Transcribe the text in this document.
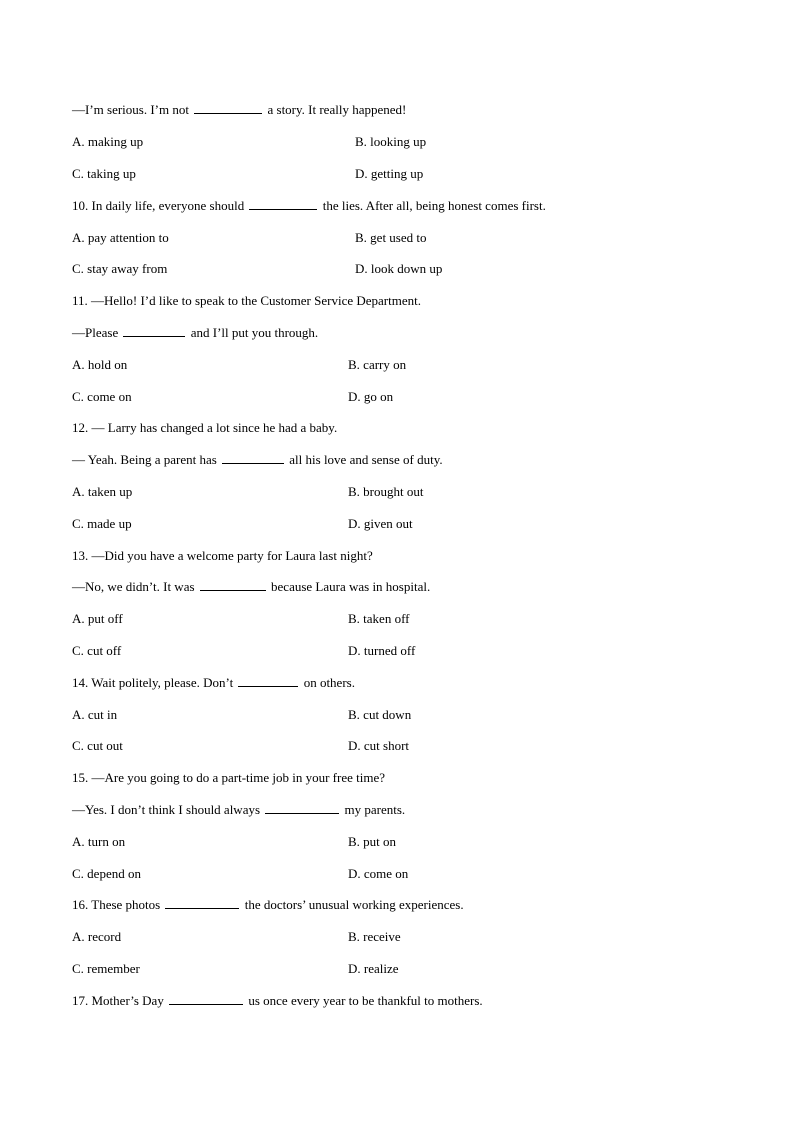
—I’m serious. I’m not	a story. It really happened!
A. making up	B. looking up
C. taking up	D. getting up
10. In daily life, everyone should	the lies. After all, being honest comes first.
A. pay attention to	B. get used to
C. stay away from	D. look down up
11. —Hello! I’d like to speak to the Customer Service Department.
—Please	and I’ll put you through.
A. hold on	B. carry on
C. come on	D. go on
12. — Larry has changed a lot since he had a baby.
— Yeah. Being a parent has	all his love and sense of duty.
A. taken up	B. brought out
C. made up	D. given out
13. —Did you have a welcome party for Laura last night?
—No, we didn’t. It was	because Laura was in hospital.
A. put off	B. taken off
C. cut off	D. turned off
14. Wait politely, please. Don’t	on others.
A. cut in	B. cut down
C. cut out	D. cut short
15. —Are you going to do a part-time job in your free time?
—Yes. I don’t think I should always	my parents.
A. turn on	B. put on
C. depend on	D. come on
16. These photos	the doctors’ unusual working experiences.
A. record	B. receive
C. remember	D. realize
17. Mother’s Day	us once every year to be thankful to mothers.
